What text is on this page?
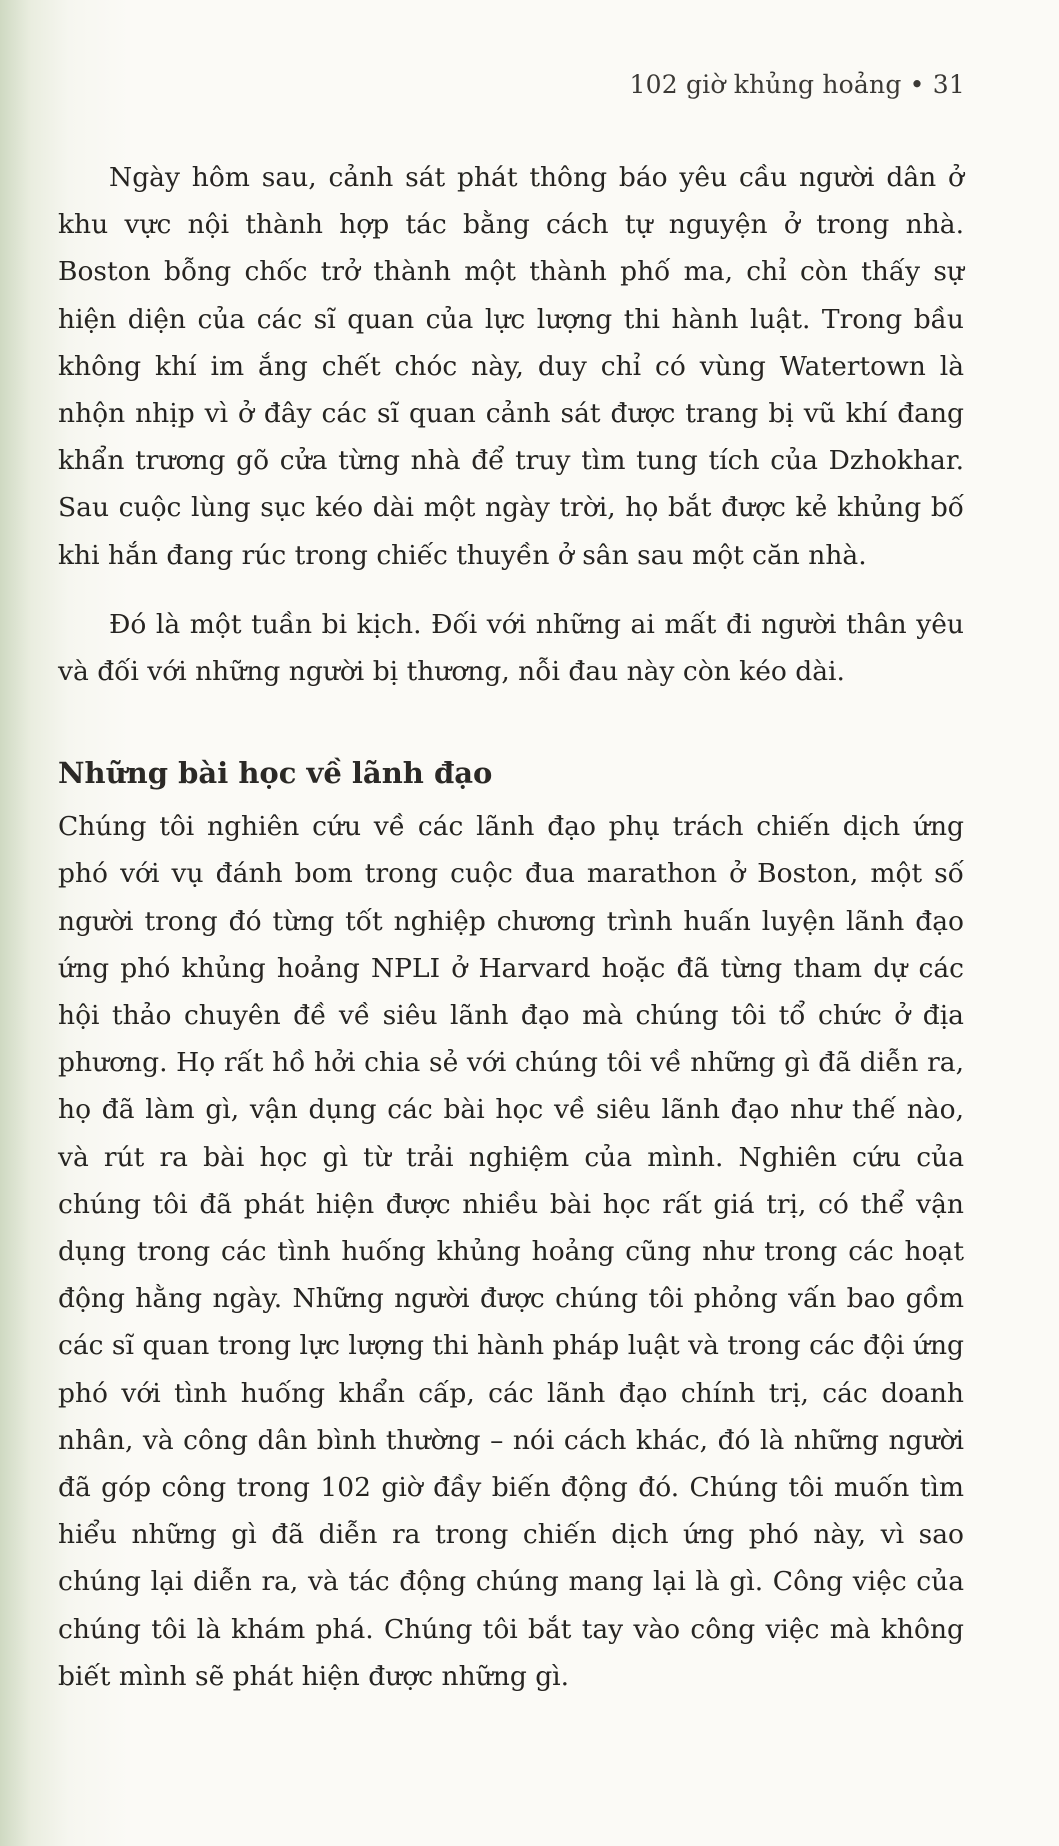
102 giờ khủng hoảng • 31

Ngày hôm sau, cảnh sát phát thông báo yêu cầu người dân ở khu vực nội thành hợp tác bằng cách tự nguyện ở trong nhà. Boston bỗng chốc trở thành một thành phố ma, chỉ còn thấy sự hiện diện của các sĩ quan của lực lượng thi hành luật. Trong bầu không khí im ắng chết chóc này, duy chỉ có vùng Watertown là nhộn nhịp vì ở đây các sĩ quan cảnh sát được trang bị vũ khí đang khẩn trương gõ cửa từng nhà để truy tìm tung tích của Dzhokhar. Sau cuộc lùng sục kéo dài một ngày trời, họ bắt được kẻ khủng bố khi hắn đang rúc trong chiếc thuyền ở sân sau một căn nhà.

Đó là một tuần bi kịch. Đối với những ai mất đi người thân yêu và đối với những người bị thương, nỗi đau này còn kéo dài.

Những bài học về lãnh đạo

Chúng tôi nghiên cứu về các lãnh đạo phụ trách chiến dịch ứng phó với vụ đánh bom trong cuộc đua marathon ở Boston, một số người trong đó từng tốt nghiệp chương trình huấn luyện lãnh đạo ứng phó khủng hoảng NPLI ở Harvard hoặc đã từng tham dự các hội thảo chuyên đề về siêu lãnh đạo mà chúng tôi tổ chức ở địa phương. Họ rất hồ hởi chia sẻ với chúng tôi về những gì đã diễn ra, họ đã làm gì, vận dụng các bài học về siêu lãnh đạo như thế nào, và rút ra bài học gì từ trải nghiệm của mình. Nghiên cứu của chúng tôi đã phát hiện được nhiều bài học rất giá trị, có thể vận dụng trong các tình huống khủng hoảng cũng như trong các hoạt động hằng ngày. Những người được chúng tôi phỏng vấn bao gồm các sĩ quan trong lực lượng thi hành pháp luật và trong các đội ứng phó với tình huống khẩn cấp, các lãnh đạo chính trị, các doanh nhân, và công dân bình thường – nói cách khác, đó là những người đã góp công trong 102 giờ đầy biến động đó. Chúng tôi muốn tìm hiểu những gì đã diễn ra trong chiến dịch ứng phó này, vì sao chúng lại diễn ra, và tác động chúng mang lại là gì. Công việc của chúng tôi là khám phá. Chúng tôi bắt tay vào công việc mà không biết mình sẽ phát hiện được những gì.
